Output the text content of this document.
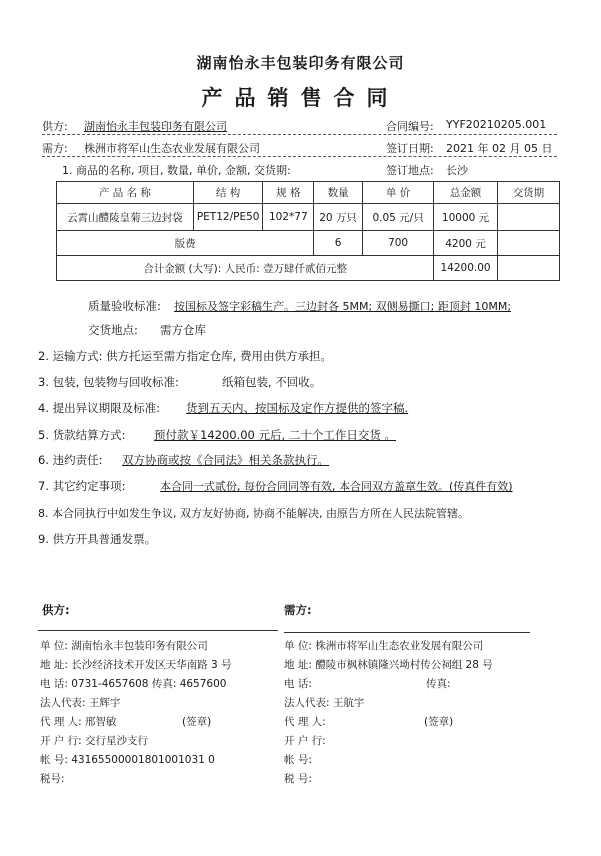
湖南怡永丰包装印务有限公司
产品销售合同
供方: 湖南怡永丰包装印务有限公司	合同编号: YYF20210205.001
需方: 株洲市将军山生态农业发展有限公司	签订日期: 2021 年 02 月 05 日
1. 商品的名称, 项目, 数量, 单价, 金额, 交货期:	签订地点: 长沙
产 品 名 称	结 构	规 格	数量	单 价	总金额	交货期
云霄山醴陵皇菊三边封袋	PET12/PE50	102*77	20 万只	0.05 元/只	10000 元	
版费			6	700	4200 元	
合计金额 (大写): 人民币: 壹万肆仟贰佰元整					14200.00	
质量验收标准: 按国标及签字彩稿生产。三边封各 5MM; 双侧易撕口; 距顶封 10MM;
交货地点: 需方仓库
2. 运输方式: 供方托运至需方指定仓库, 费用由供方承担。
3. 包装, 包装物与回收标准:	纸箱包装, 不回收。
4. 提出异议期限及标准: 货到五天内、按国标及定作方提供的签字稿.
5. 货款结算方式: 预付款￥14200.00 元后, 二十个工作日交货 。
6. 违约责任: 双方协商或按《合同法》相关条款执行。
7. 其它约定事项:	本合同一式贰份, 每份合同同等有效, 本合同双方盖章生效。(传真件有效)
8. 本合同执行中如发生争议, 双方友好协商, 协商不能解决, 由原告方所在人民法院管辖。
9. 供方开具普通发票。
供方:	需方:
单 位: 湖南怡永丰包装印务有限公司
地 址: 长沙经济技术开发区天华南路 3 号
电 话: 0731-4657608 传真: 4657600
法人代表: 王辉宇
代 理 人: 邢智敏	(签章)
开 户 行: 交行星沙支行
帐 号: 43165500001801001031 0
税号:
单 位: 株洲市将军山生态农业发展有限公司
地 址: 醴陵市枫林镇隆兴坳村传公祠组 28 号
电 话:	传真:
法人代表: 王航宇
代 理 人:	(签章)
开 户 行:
帐 号:
税 号:
